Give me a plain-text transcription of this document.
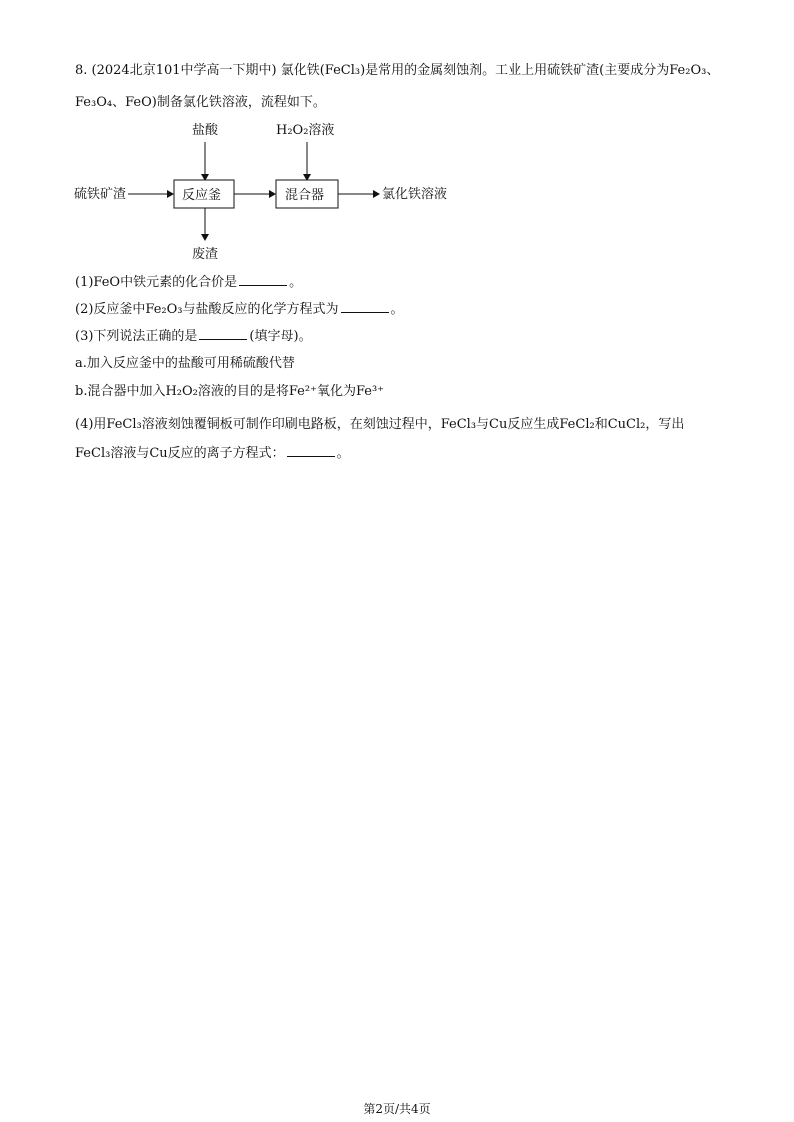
8. (2024北京101中学高一下期中) 氯化铁(FeCl₃)是常用的金属刻蚀剂。工业上用硫铁矿渣(主要成分为Fe₂O₃、
Fe₃O₄、FeO)制备氯化铁溶液，流程如下。
盐酸	H₂O₂溶液
硫铁矿渣	反应釜	混合器	氯化铁溶液
废渣
(1)FeO中铁元素的化合价是	。
(2)反应釜中Fe₂O₃与盐酸反应的化学方程式为	。
(3)下列说法正确的是	(填字母)。
a.加入反应釜中的盐酸可用稀硫酸代替
b.混合器中加入H₂O₂溶液的目的是将Fe²⁺氧化为Fe³⁺
(4)用FeCl₃溶液刻蚀覆铜板可制作印刷电路板，在刻蚀过程中，FeCl₃与Cu反应生成FeCl₂和CuCl₂，写出
FeCl₃溶液与Cu反应的离子方程式：	。
第2页/共4页
